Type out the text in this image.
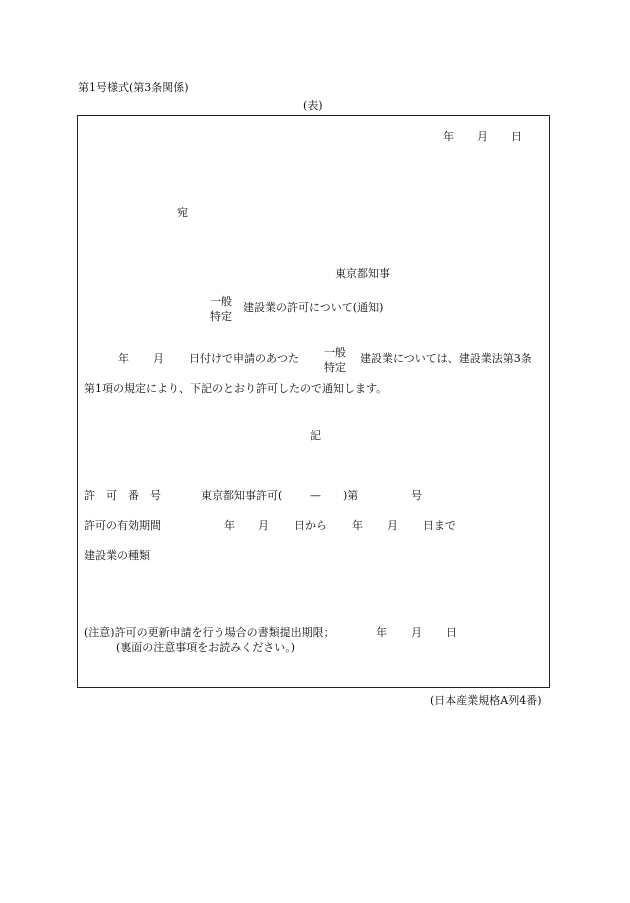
第1号様式(第3条関係)
(表)
年 月 日
宛
東京都知事
一般
特定
建設業の許可について(通知)
年 月 日付けで申請のあつた	一般
特定
建設業については、建設業法第3条
第1項の規定により、下記のとおり許可したので通知します。
記
許　可　番　号	東京都知事許可(	— )第	号
許可の有効期間	年 月 日から 年 月 日まで
建設業の種類
(注意)許可の更新申請を行う場合の書類提出期限；	年 月 日
(裏面の注意事項をお読みください。)
(日本産業規格A列4番)
